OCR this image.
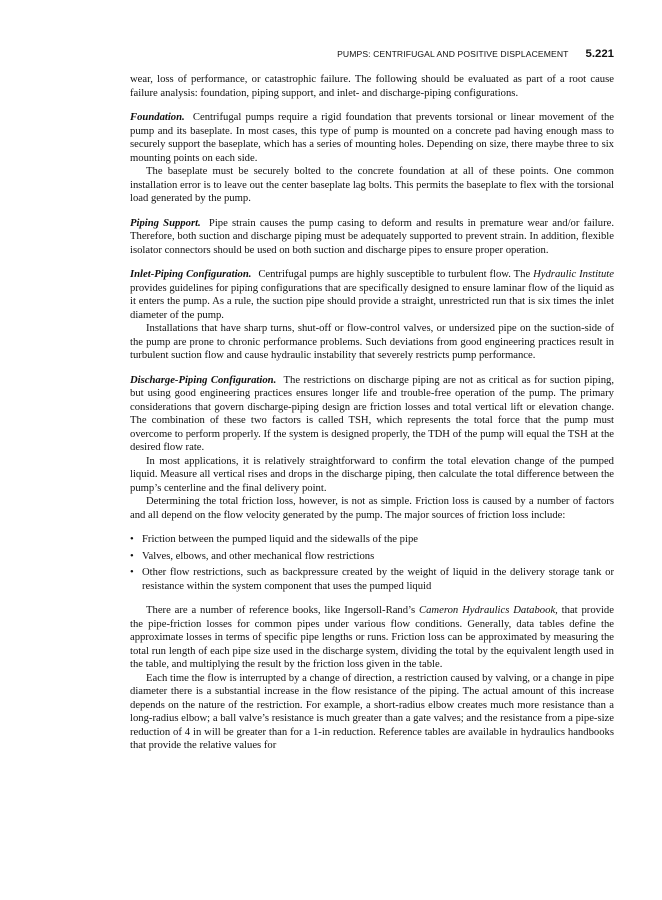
PUMPS: CENTRIFUGAL AND POSITIVE DISPLACEMENT 5.221

wear, loss of performance, or catastrophic failure. The following should be evaluated as part of a root cause failure analysis: foundation, piping support, and inlet- and discharge-piping configurations.

Foundation. Centrifugal pumps require a rigid foundation that prevents torsional or linear movement of the pump and its baseplate. In most cases, this type of pump is mounted on a concrete pad having enough mass to securely support the baseplate, which has a series of mounting holes. Depending on size, there maybe three to six mounting points on each side.

The baseplate must be securely bolted to the concrete foundation at all of these points. One common installation error is to leave out the center baseplate lag bolts. This permits the baseplate to flex with the torsional load generated by the pump.

Piping Support. Pipe strain causes the pump casing to deform and results in premature wear and/or failure. Therefore, both suction and discharge piping must be adequately supported to prevent strain. In addition, flexible isolator connectors should be used on both suction and discharge pipes to ensure proper operation.

Inlet-Piping Configuration. Centrifugal pumps are highly susceptible to turbulent flow. The Hydraulic Institute provides guidelines for piping configurations that are specifically designed to ensure laminar flow of the liquid as it enters the pump. As a rule, the suction pipe should provide a straight, unrestricted run that is six times the inlet diameter of the pump.

Installations that have sharp turns, shut-off or flow-control valves, or undersized pipe on the suction-side of the pump are prone to chronic performance problems. Such deviations from good engineering practices result in turbulent suction flow and cause hydraulic instability that severely restricts pump performance.

Discharge-Piping Configuration. The restrictions on discharge piping are not as critical as for suction piping, but using good engineering practices ensures longer life and trouble-free operation of the pump. The primary considerations that govern discharge-piping design are friction losses and total vertical lift or elevation change. The combination of these two factors is called TSH, which represents the total force that the pump must overcome to perform properly. If the system is designed properly, the TDH of the pump will equal the TSH at the desired flow rate.

In most applications, it is relatively straightforward to confirm the total elevation change of the pumped liquid. Measure all vertical rises and drops in the discharge piping, then calculate the total difference between the pump’s centerline and the final delivery point.

Determining the total friction loss, however, is not as simple. Friction loss is caused by a number of factors and all depend on the flow velocity generated by the pump. The major sources of friction loss include:

• Friction between the pumped liquid and the sidewalls of the pipe
• Valves, elbows, and other mechanical flow restrictions
• Other flow restrictions, such as backpressure created by the weight of liquid in the delivery storage tank or resistance within the system component that uses the pumped liquid

There are a number of reference books, like Ingersoll-Rand’s Cameron Hydraulics Databook, that provide the pipe-friction losses for common pipes under various flow conditions. Generally, data tables define the approximate losses in terms of specific pipe lengths or runs. Friction loss can be approximated by measuring the total run length of each pipe size used in the discharge system, dividing the total by the equivalent length used in the table, and multiplying the result by the friction loss given in the table.

Each time the flow is interrupted by a change of direction, a restriction caused by valving, or a change in pipe diameter there is a substantial increase in the flow resistance of the piping. The actual amount of this increase depends on the nature of the restriction. For example, a short-radius elbow creates much more resistance than a long-radius elbow; a ball valve’s resistance is much greater than a gate valves; and the resistance from a pipe-size reduction of 4 in will be greater than for a 1-in reduction. Reference tables are available in hydraulics handbooks that provide the relative values for
